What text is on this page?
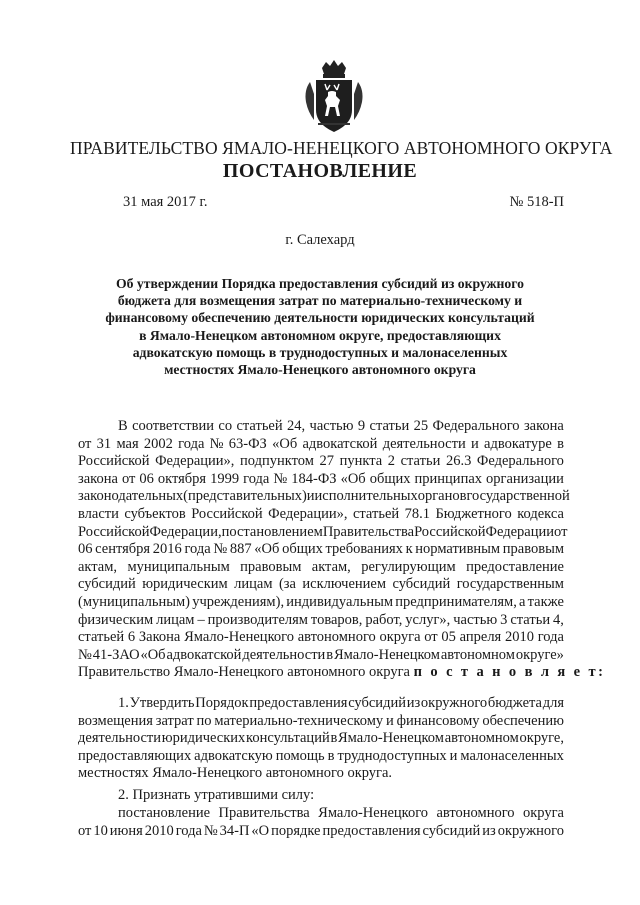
ПРАВИТЕЛЬСТВО ЯМАЛО-НЕНЕЦКОГО АВТОНОМНОГО ОКРУГА
ПОСТАНОВЛЕНИЕ
31 мая 2017 г.	№ 518-П
г. Салехард
Об утверждении Порядка предоставления субсидий из окружного
бюджета для возмещения затрат по материально-техническому и
финансовому обеспечению деятельности юридических консультаций
в Ямало-Ненецком автономном округе, предоставляющих
адвокатскую помощь в труднодоступных и малонаселенных
местностях Ямало-Ненецкого автономного округа
В соответствии со статьей 24, частью 9 статьи 25 Федерального закона
от 31 мая 2002 года № 63-ФЗ «Об адвокатской деятельности и адвокатуре в
Российской Федерации», подпунктом 27 пункта 2 статьи 26.3 Федерального
закона от 06 октября 1999 года № 184-ФЗ «Об общих принципах организации
законодательных (представительных) и исполнительных органов государственной
власти субъектов Российской Федерации», статьей 78.1 Бюджетного кодекса
Российской Федерации, постановлением Правительства Российской Федерации от
06 сентября 2016 года № 887 «Об общих требованиях к нормативным правовым
актам, муниципальным правовым актам, регулирующим предоставление
субсидий юридическим лицам (за исключением субсидий государственным
(муниципальным) учреждениям), индивидуальным предпринимателям, а также
физическим лицам – производителям товаров, работ, услуг», частью 3 статьи 4,
статьей 6 Закона Ямало-Ненецкого автономного округа от 05 апреля 2010 года
№ 41-ЗАО «Об адвокатской деятельности в Ямало-Ненецком автономном округе»
Правительство Ямало-Ненецкого автономного округа
п о с т а н о в л я е т:
1. Утвердить Порядок предоставления субсидий из окружного бюджета для
возмещения затрат по материально-техническому и финансовому обеспечению
деятельности юридических консультаций в Ямало-Ненецком автономном округе,
предоставляющих адвокатскую помощь в труднодоступных и малонаселенных
местностях Ямало-Ненецкого автономного округа.
2. Признать утратившими силу:
постановление Правительства Ямало-Ненецкого автономного округа
от 10 июня 2010 года № 34-П «О порядке предоставления субсидий из окружного
